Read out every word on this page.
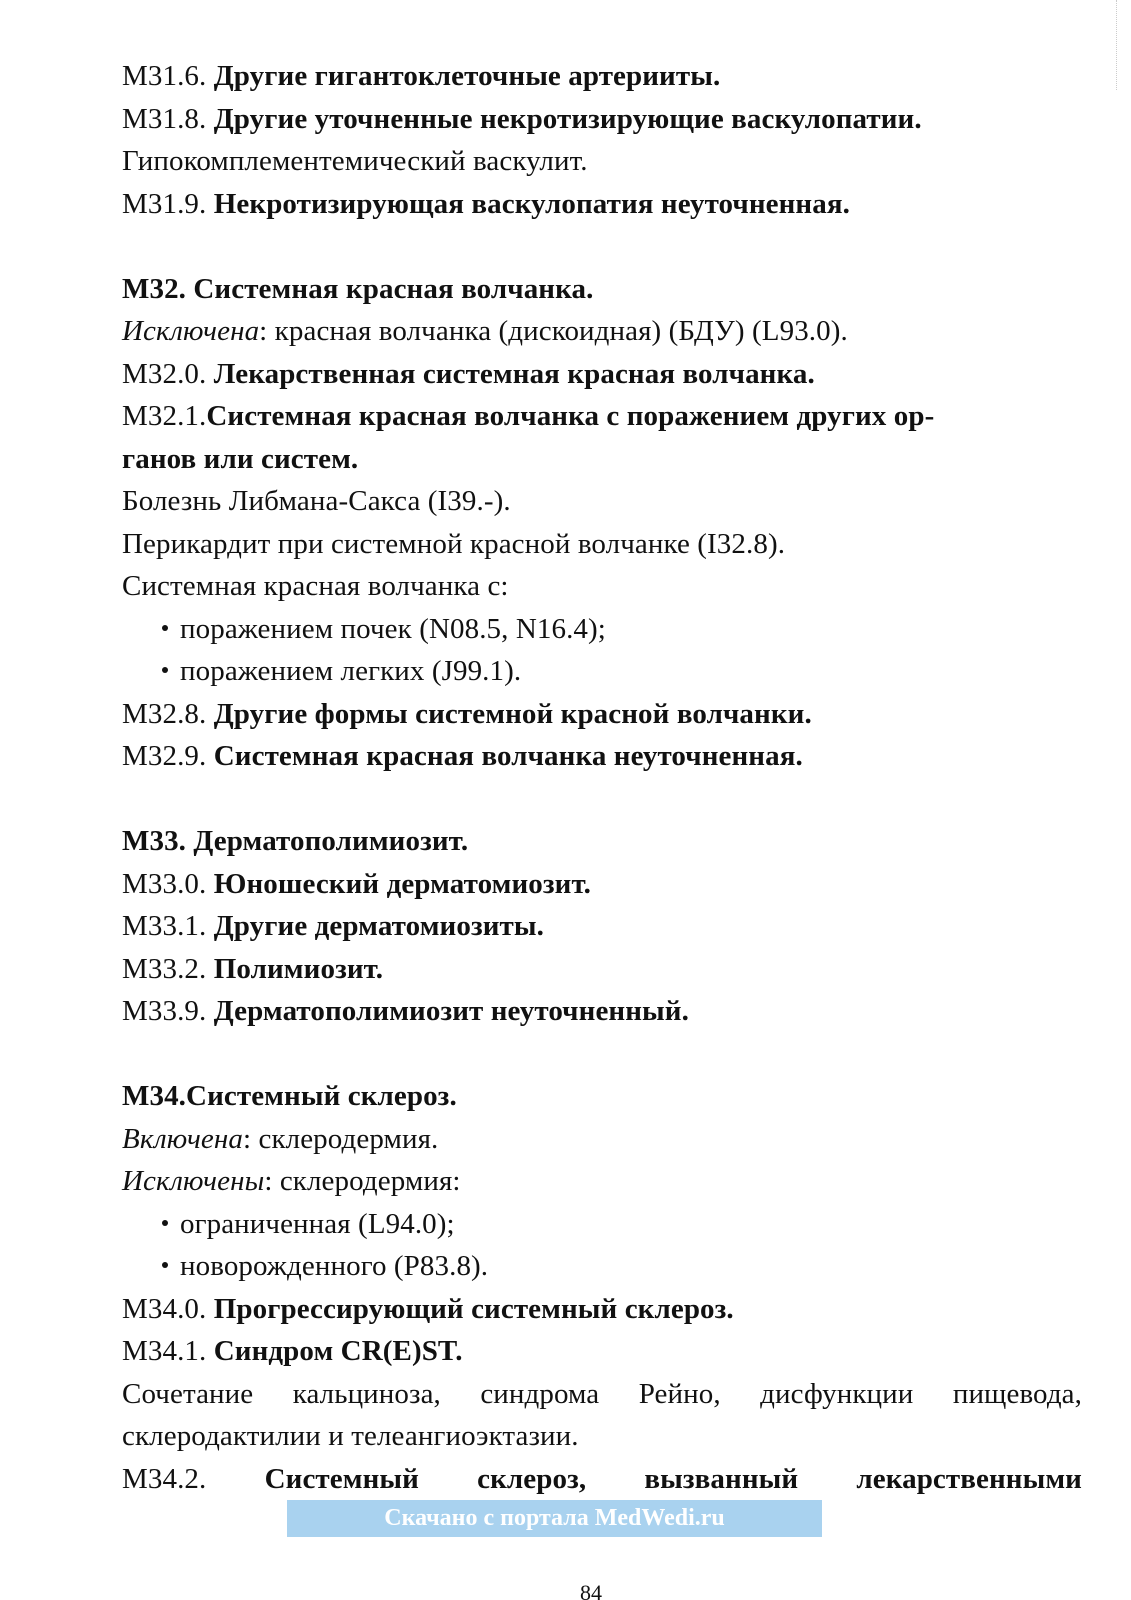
M31.6. Другие гигантоклеточные артерииты.
M31.8. Другие уточненные некротизирующие васкулопатии.
Гипокомплементемический васкулит.
M31.9. Некротизирующая васкулопатия неуточненная.
M32. Системная красная волчанка.
Исключена: красная волчанка (дискоидная) (БДУ) (L93.0).
M32.0. Лекарственная системная красная волчанка.
M32.1.Системная красная волчанка с поражением других ор-
ганов или систем.
Болезнь Либмана-Сакса (I39.-).
Перикардит при системной красной волчанке (I32.8).
Системная красная волчанка с:
поражением почек (N08.5, N16.4);
поражением легких (J99.1).
M32.8. Другие формы системной красной волчанки.
M32.9. Системная красная волчанка неуточненная.
M33. Дерматополимиозит.
M33.0. Юношеский дерматомиозит.
M33.1. Другие дерматомиозиты.
M33.2. Полимиозит.
M33.9. Дерматополимиозит неуточненный.
M34.Системный склероз.
Включена: склеродермия.
Исключены: склеродермия:
ограниченная (L94.0);
новорожденного (P83.8).
M34.0. Прогрессирующий системный склероз.
M34.1. Синдром CR(E)ST.
Сочетание кальциноза, синдрома Рейно, дисфункции пищевода,
склеродактилии и телеангиоэктазии.
M34.2. Системный склероз, вызванный лекарственными
Скачано с портала MedWedi.ru
84
